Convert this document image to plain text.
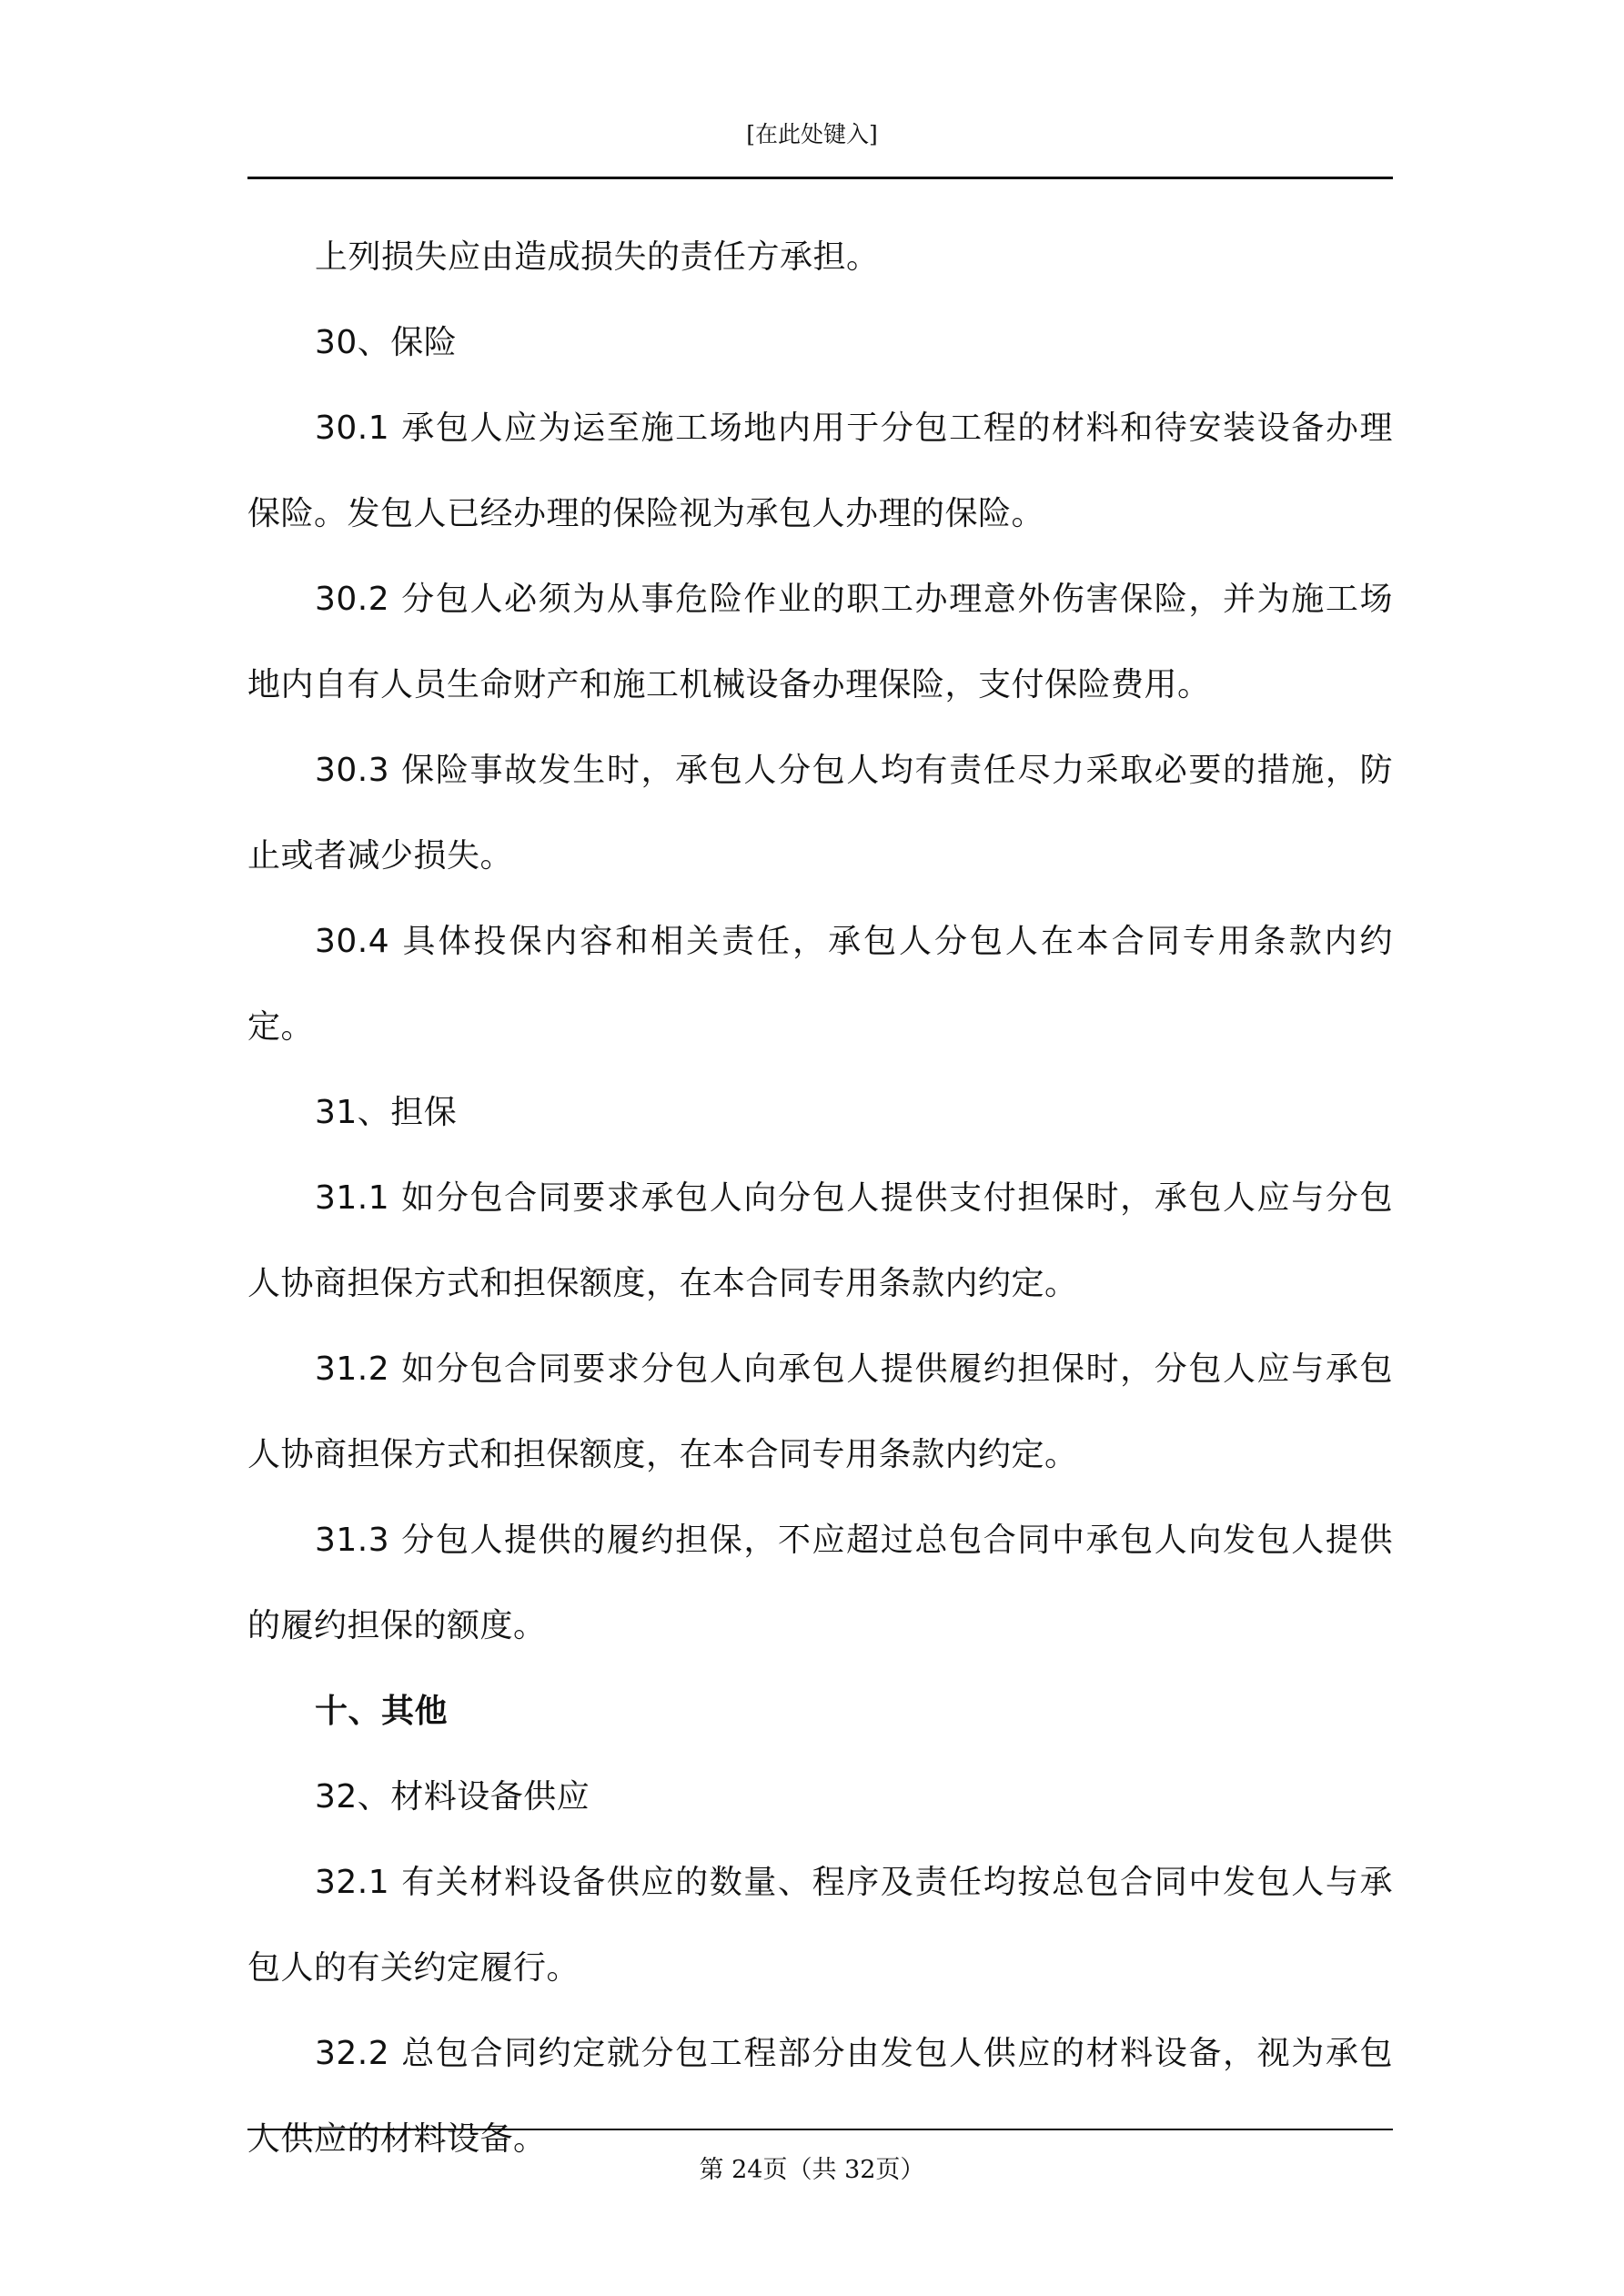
[在此处键入]

上列损失应由造成损失的责任方承担。

30、保险

30.1 承包人应为运至施工场地内用于分包工程的材料和待安装设备办理保险。发包人已经办理的保险视为承包人办理的保险。

30.2 分包人必须为从事危险作业的职工办理意外伤害保险，并为施工场地内自有人员生命财产和施工机械设备办理保险，支付保险费用。

30.3 保险事故发生时，承包人分包人均有责任尽力采取必要的措施，防止或者减少损失。

30.4 具体投保内容和相关责任，承包人分包人在本合同专用条款内约定。

31、担保

31.1 如分包合同要求承包人向分包人提供支付担保时，承包人应与分包人协商担保方式和担保额度，在本合同专用条款内约定。

31.2 如分包合同要求分包人向承包人提供履约担保时，分包人应与承包人协商担保方式和担保额度，在本合同专用条款内约定。

31.3 分包人提供的履约担保，不应超过总包合同中承包人向发包人提供的履约担保的额度。

十、其他

32、材料设备供应

32.1 有关材料设备供应的数量、程序及责任均按总包合同中发包人与承包人的有关约定履行。

32.2 总包合同约定就分包工程部分由发包人供应的材料设备，视为承包人供应的材料设备。

第 24页（共 32页）
